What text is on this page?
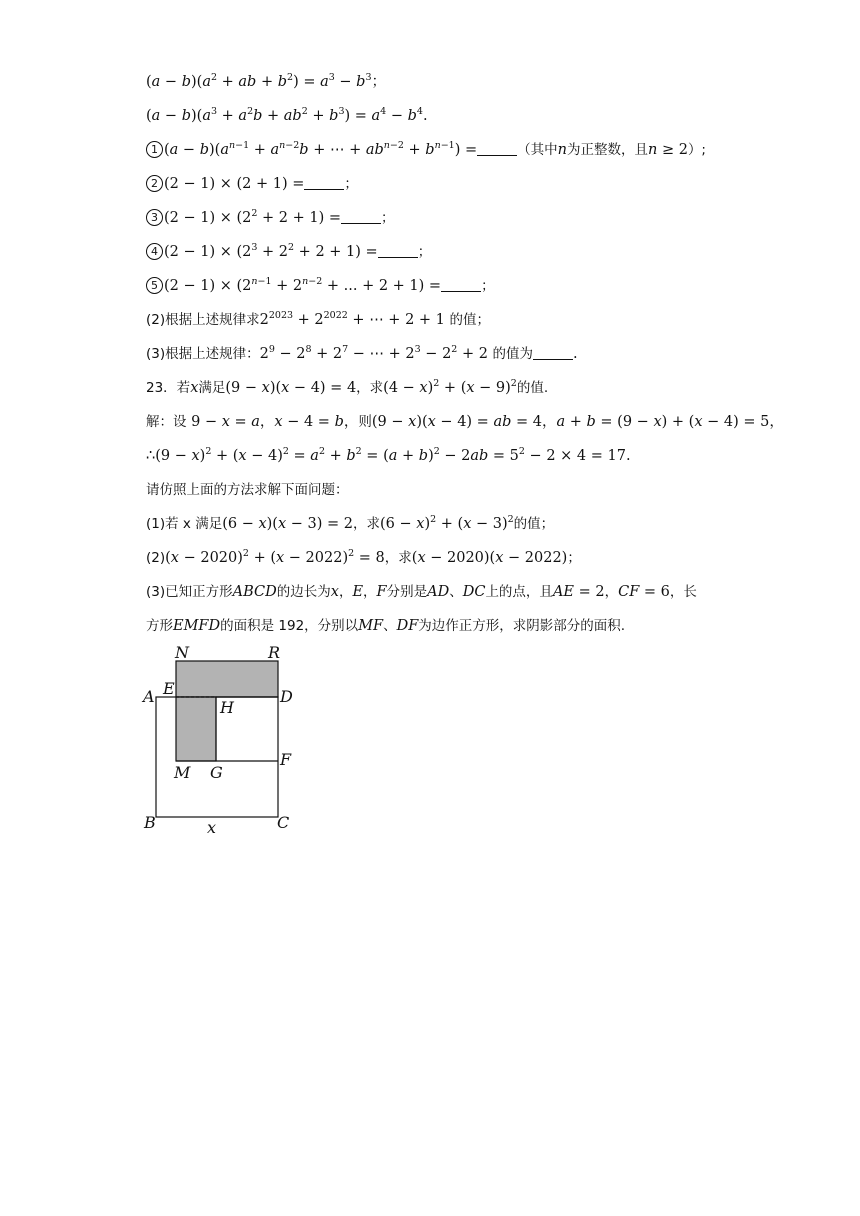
$(a - b)(a^2$ + ab + $b^2) = a^3 - b^3$；
$(a - b)(a^3 + a^2b + ab^2 + b^3) = a^4 - b^4$.
1 $(a - b)(a^{n-1} + a^{n-2}b$ + ⋯ + $ab^{n-2} + b^{n-1}$) =	（其中n为正整数，且n ≥ 2）;
2 (2 − 1) × (2 + 1) =	；
3 $(2 - 1) \times (2^2 + 2 + 1)$ =	；
4 $(2 - 1) \times (2^3 + 2^2 + 2 + 1)$ =	；
5 $(2 - 1) \times (2^{n-1} + 2^{n-2}$ + ... + 2 + 1) =	；
(2)根据上述规律求$2^{2023} + 2^{2022}$ + ⋯ + 2 + 1 的值；
(3)根据上述规律：$2^9 - 2^8 + 2^7$ − ⋯ + $2^3 - 2^2 + 2$ 的值为	.
23．若x满足(9 − x)(x − 4) = 4，求$(4 - x)^2 + (x - 9)^2$的值.
解：设 9 − x = a，x − 4 = b，则(9 − x)(x − 4) = ab = 4，a + b = (9 − x) + (x − 4) = 5，
∴(9 − $x)^2 + (x - 4)^2 = a^2 + b^2 = (a + b)^2 - 2ab = 5^2 - 2 \times 4 = 17$.
请仿照上面的方法求解下面问题：
(1)若 x 满足(6 − x)(x − 3) = 2，求$(6 - x)^2 + (x - 3)^2$的值；
$(2)(x - 2020)^2 + (x - 2022)^2 = 8$，求(x − 2020)(x − 2022)；
(3)已知正方形ABCD的边长为x，E，F分别是AD、DC上的点，且AE = 2，CF = 6，长
方形EMFD的面积是 192，分别以MF、DF为边作正方形，求阴影部分的面积.
N	R
A E	D
H
F
M G
B	C
x
